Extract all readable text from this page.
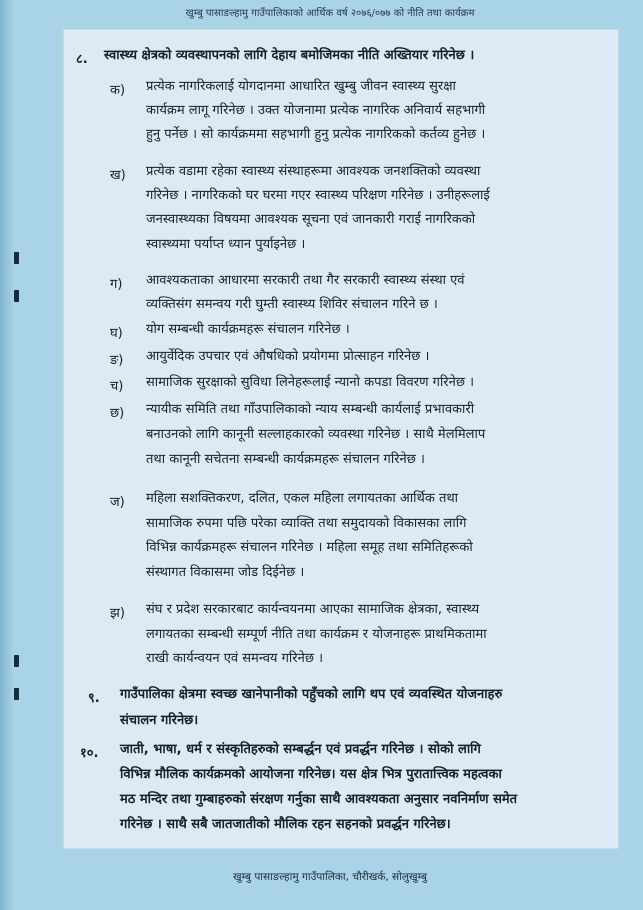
खुम्बु पासाङल्हामु गाउँपालिकाको आर्थिक वर्ष २०७६/०७७ को नीति तथा कार्यक्रम
८. स्वास्थ्य क्षेत्रको व्यवस्थापनको लागि देहाय बमोजिमका नीति अख्तियार गरिनेछ ।
क) प्रत्येक नागरिकलाई योगदानमा आधारित खुम्बु जीवन स्वास्थ्य सुरक्षा
कार्यक्रम लागू गरिनेछ । उक्त योजनामा प्रत्येक नागरिक अनिवार्य सहभागी
हुनु पर्नेछ । सो कार्यक्रममा सहभागी हुनु प्रत्येक नागरिकको कर्तव्य हुनेछ ।
ख) प्रत्येक वडामा रहेका स्वास्थ्य संस्थाहरूमा आवश्यक जनशक्तिको व्यवस्था
गरिनेछ । नागरिकको घर घरमा गएर स्वास्थ्य परिक्षण गरिनेछ । उनीहरूलाई
जनस्वास्थ्यका विषयमा आवश्यक सूचना एवं जानकारी गराई नागरिकको
स्वास्थ्यमा पर्याप्त ध्यान पुर्याइनेछ ।
ग) आवश्यकताका आधारमा सरकारी तथा गैर सरकारी स्वास्थ्य संस्था एवं
व्यक्तिसंग समन्वय गरी घुम्ती स्वास्थ्य शिविर संचालन गरिने छ ।
घ) योग सम्बन्धी कार्यक्रमहरू संचालन गरिनेछ ।
ङ) आयुर्वेदिक उपचार एवं औषधिको प्रयोगमा प्रोत्साहन गरिनेछ ।
च) सामाजिक सुरक्षाको सुविधा लिनेहरूलाई न्यानो कपडा विवरण गरिनेछ ।
छ) न्यायीक समिति तथा गाँउपालिकाको न्याय सम्बन्धी कार्यलाई प्रभावकारी
बनाउनको लागि कानूनी सल्लाहकारको व्यवस्था गरिनेछ । साथै मेलमिलाप
तथा कानूनी सचेतना सम्बन्धी कार्यक्रमहरू संचालन गरिनेछ ।
ज) महिला सशक्तिकरण, दलित, एकल महिला लगायतका आर्थिक तथा
सामाजिक रुपमा पछि परेका व्याक्ति तथा समुदायको विकासका लागि
विभिन्न कार्यक्रमहरू संचालन गरिनेछ । महिला समूह तथा समितिहरूको
संस्थागत विकासमा जोड दिईनेछ ।
झ) संघ र प्रदेश सरकारबाट कार्यन्वयनमा आएका सामाजिक क्षेत्रका, स्वास्थ्य
लगायतका सम्बन्धी सम्पूर्ण नीति तथा कार्यक्रम र योजनाहरू प्राथमिकतामा
राखी कार्यन्वयन एवं समन्वय गरिनेछ ।
९. गाउँपालिका क्षेत्रमा स्वच्छ खानेपानीको पहुँचको लागि थप एवं व्यवस्थित योजनाहरु
संचालन गरिनेछ।
१०. जाती, भाषा, धर्म र संस्कृतिहरुको सम्बर्द्धन एवं प्रवर्द्धन गरिनेछ । सोको लागि
विभिन्न मौलिक कार्यक्रमको आयोजना गरिनेछ। यस क्षेत्र भित्र पुरातात्त्विक महत्वका
मठ मन्दिर तथा गुम्बाहरुको संरक्षण गर्नुका साथै आवश्यकता अनुसार नवनिर्माण समेत
गरिनेछ । साथै सबै जातजातीको मौलिक रहन सहनको प्रवर्द्धन गरिनेछ।
खुम्बु पासाङल्हामु गाउँपालिका, चौरीखर्क, सोलुखुम्बु
